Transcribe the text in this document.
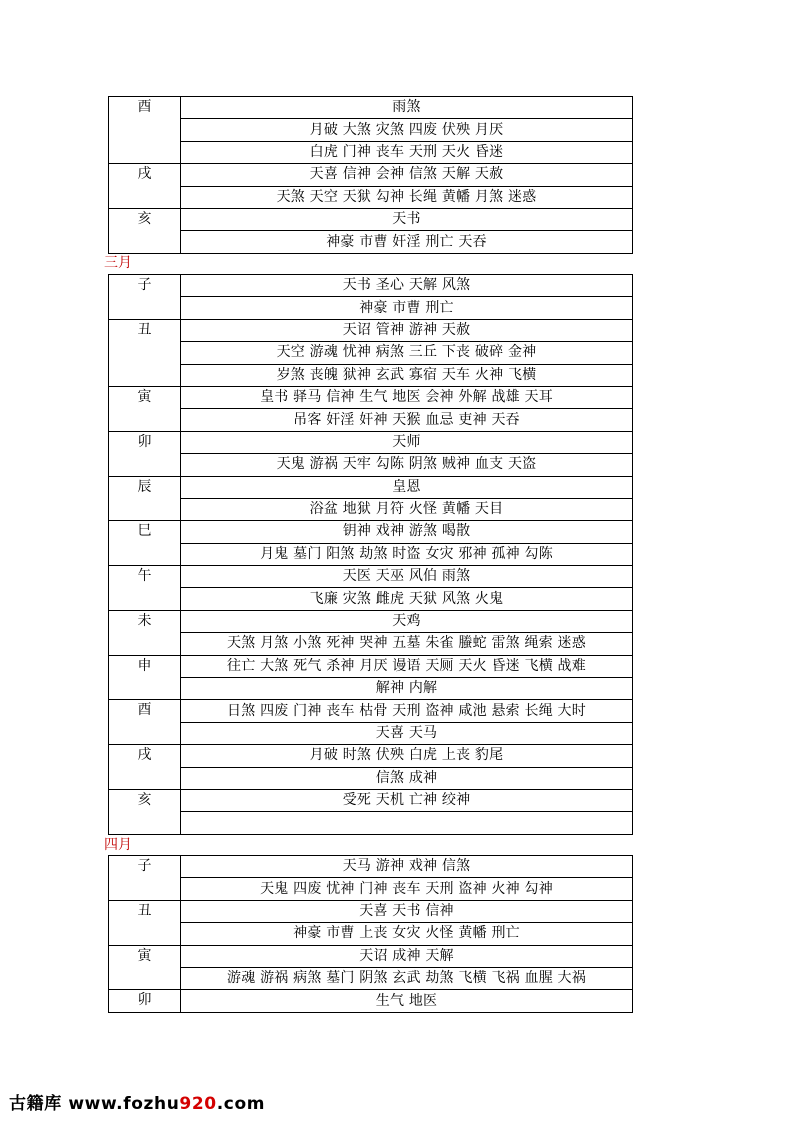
酉	雨煞
	月破 大煞 灾煞 四废 伏殃 月厌
	白虎 门神 丧车 天刑 天火 昏迷
戌	天喜 信神 会神 信煞 天解 天赦
	天煞 天空 天狱 勾神 长绳 黄幡 月煞 迷惑
亥	天书
	神豪 市曹 奸淫 刑亡 天吞
三月
子	天书 圣心 天解 风煞
	神豪 市曹 刑亡
丑	天诏 管神 游神 天赦
	天空 游魂 忧神 病煞 三丘 下丧 破碎 金神
	岁煞 丧魄 狱神 玄武 寡宿 天车 火神 飞横
寅	皇书 驿马 信神 生气 地医 会神 外解 战雄 天耳
	吊客 奸淫 奸神 天猴 血忌 吏神 天吞
卯	天师
	天鬼 游祸 天牢 勾陈 阴煞 贼神 血支 天盗
辰	皇恩
	浴盆 地狱 月符 火怪 黄幡 天目
巳	钥神 戏神 游煞 喝散
	月鬼 墓门 阳煞 劫煞 时盗 女灾 邪神 孤神 勾陈
午	天医 天巫 风伯 雨煞
	飞廉 灾煞 雌虎 天狱 风煞 火鬼
未	天鸡
	天煞 月煞 小煞 死神 哭神 五墓 朱雀 螣蛇 雷煞 绳索 迷惑
申	往亡 大煞 死气 杀神 月厌 谩语 天厕 天火 昏迷 飞横 战难
	解神 内解
酉	日煞 四废 门神 丧车 枯骨 天刑 盗神 咸池 悬索 长绳 大时
	天喜 天马
戌	月破 时煞 伏殃 白虎 上丧 豹尾
	信煞 成神
亥	受死 天机 亡神 绞神

四月
子	天马 游神 戏神 信煞
	天鬼 四废 忧神 门神 丧车 天刑 盗神 火神 勾神
丑	天喜 天书 信神
	神豪 市曹 上丧 女灾 火怪 黄幡 刑亡
寅	天诏 成神 天解
	游魂 游祸 病煞 墓门 阴煞 玄武 劫煞 飞横 飞祸 血腥 大祸
卯	生气 地医
古籍库 www.fozhu920.com
